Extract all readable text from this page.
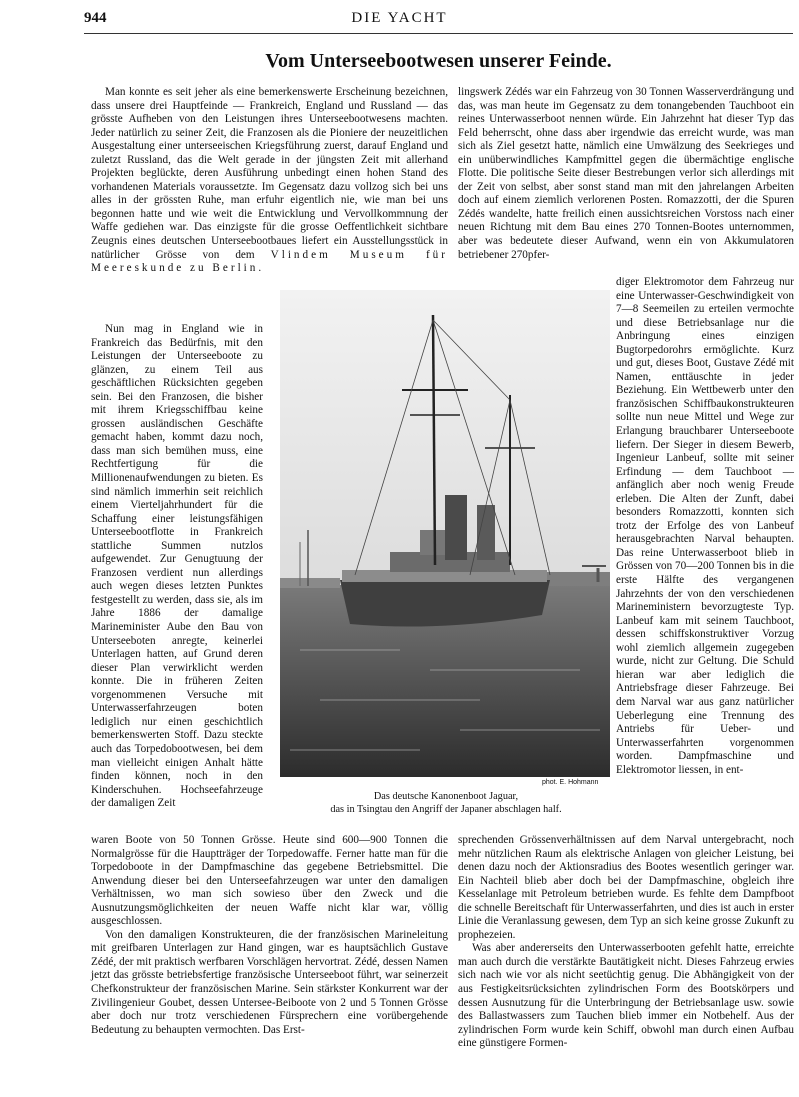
944	DIE YACHT
Vom Unterseebootwesen unserer Feinde.

Man konnte es seit jeher als eine bemerkenswerte Erscheinung bezeichnen, dass unsere drei Hauptfeinde — Frankreich, England und Russland — das grösste Aufheben von den Leistungen ihres Unterseebootwesens machten. Jeder natürlich zu seiner Zeit, die Franzosen als die Pioniere der neuzeitlichen Ausgestaltung einer unterseeischen Kriegsführung zuerst, darauf England und zuletzt Russland, das die Welt gerade in der jüngsten Zeit mit allerhand Projekten beglückte, deren Ausführung unbedingt einen hohen Stand des vorhandenen Materials voraussetzte. Im Gegensatz dazu vollzog sich bei uns alles in der grössten Ruhe, man erfuhr eigentlich nie, wie man bei uns begonnen hatte und wie weit die Entwicklung und Vervollkommnung der Waffe gediehen war. Das einzigste für die grosse Oeffentlichkeit sichtbare Zeugnis eines deutschen Unterseebootbaues liefert ein Ausstellungsstück in natürlicher Grösse von dem Vlindem Museum für Meereskunde zu Berlin.

Nun mag in England wie in Frankreich das Bedürfnis, mit den Leistungen der Unterseeboote zu glänzen, zu einem Teil aus geschäftlichen Rücksichten gegeben sein. Bei den Franzosen, die bisher mit ihrem Kriegsschiffbau keine grossen ausländischen Geschäfte gemacht haben, kommt dazu noch, dass man sich bemühen muss, eine Rechtfertigung für die Millionenaufwendungen zu bieten. Es sind nämlich immerhin seit reichlich einem Vierteljahrhundert für die Schaffung einer leistungsfähigen Unterseebootflotte in Frankreich stattliche Summen nutzlos aufgewendet. Zur Genugtuung der Franzosen verdient nun allerdings auch wegen dieses letzten Punktes festgestellt zu werden, dass sie, als im Jahre 1886 der damalige Marineminister Aube den Bau von Unterseeboten anregte, keinerlei Unterlagen hatten, auf Grund deren dieser Plan verwirklicht werden konnte. Die in früheren Zeiten vorgenommenen Versuche mit Unterwasserfahrzeugen boten lediglich nur einen geschichtlich bemerkenswerten Stoff. Dazu steckte auch das Torpedobootwesen, bei dem man vielleicht einigen Anhalt hätte finden können, noch in den Kinderschuhen. Hochseefahrzeuge der damaligen Zeit

waren Boote von 50 Tonnen Grösse. Heute sind 600—900 Tonnen die Normalgrösse für die Hauptträger der Torpedowaffe. Ferner hatte man für die Torpedoboote in der Dampfmaschine das gegebene Betriebsmittel. Die Anwendung dieser bei den Unterseefahrzeugen war unter den damaligen Verhältnissen, wo man sich sowieso über den Zweck und die Ausnutzungsmöglichkeiten der neuen Waffe nicht klar war, völlig ausgeschlossen.

Von den damaligen Konstrukteuren, die der französischen Marineleitung mit greifbaren Unterlagen zur Hand gingen, war es hauptsächlich Gustave Zédé, der mit praktisch werfbaren Vorschlägen hervortrat. Zédé, dessen Namen jetzt das grösste betriebsfertige französische Unterseeboot führt, war seinerzeit Chefkonstrukteur der französischen Marine. Sein stärkster Konkurrent war der Zivilingenieur Goubet, dessen Untersee-Beiboote von 2 und 5 Tonnen Grösse aber doch nur trotz verschiedenen Fürsprechern eine vorübergehende Bedeutung zu behaupten vermochten. Das Erst-

lingswerk Zédés war ein Fahrzeug von 30 Tonnen Wasserverdrängung und das, was man heute im Gegensatz zu dem tonangebenden Tauchboot ein reines Unterwasserboot nennen würde. Ein Jahrzehnt hat dieser Typ das Feld beherrscht, ohne dass aber irgendwie das erreicht wurde, was man sich als Ziel gesetzt hatte, nämlich eine Umwälzung des Seekrieges und ein unüberwindliches Kampfmittel gegen die übermächtige englische Flotte. Die politische Seite dieser Bestrebungen verlor sich allerdings mit der Zeit von selbst, aber sonst stand man mit den jahrelangen Arbeiten doch auf einem ziemlich verlorenen Posten. Romazzotti, der die Spuren Zédés wandelte, hatte freilich einen aussichtsreichen Vorstoss nach einer neuen Richtung mit dem Bau eines 270 Tonnen-Bootes unternommen, aber was bedeutete dieser Aufwand, wenn ein von Akkumulatoren betriebener 270pfer-

diger Elektromotor dem Fahrzeug nur eine Unterwasser-Geschwindigkeit von 7—8 Seemeilen zu erteilen vermochte und diese Betriebsanlage nur die Anbringung eines einzigen Bugtorpedorohrs ermöglichte. Kurz und gut, dieses Boot, Gustave Zédé mit Namen, enttäuschte in jeder Beziehung. Ein Wettbewerb unter den französischen Schiffbaukonstrukteuren sollte nun neue Mittel und Wege zur Erlangung brauchbarer Unterseeboote liefern. Der Sieger in diesem Bewerb, Ingenieur Lanbeuf, sollte mit seiner Erfindung — dem Tauchboot — anfänglich aber noch wenig Freude erleben. Die Alten der Zunft, dabei besonders Romazzotti, konnten sich trotz der Erfolge des von Lanbeuf herausgebrachten Narval behaupten. Das reine Unterwasserboot blieb in Grössen von 70—200 Tonnen bis in die erste Hälfte des vergangenen Jahrzehnts der von den verschiedenen Marineministern bevorzugteste Typ. Lanbeuf kam mit seinem Tauchboot, dessen schiffskonstruktiver Vorzug wohl ziemlich allgemein zugegeben wurde, nicht zur Geltung. Die Schuld hieran war aber lediglich die Antriebsfrage dieser Fahrzeuge. Bei dem Narval war aus ganz natürlicher Ueberlegung eine Trennung des Antriebs für Ueber- und Unterwasserfahrten vorgenommen worden. Dampfmaschine und Elektromotor liessen, in ent-

sprechenden Grössenverhältnissen auf dem Narval untergebracht, noch mehr nützlichen Raum als elektrische Anlagen von gleicher Leistung, bei denen dazu noch der Aktionsradius des Bootes wesentlich geringer war. Ein Nachteil blieb aber doch bei der Dampfmaschine, obgleich ihre Kesselanlage mit Petroleum betrieben wurde. Es fehlte dem Dampfboot die schnelle Bereitschaft für Unterwasserfahrten, und dies ist auch in erster Linie die Veranlassung gewesen, dem Typ an sich keine grosse Zukunft zu prophezeien.

Was aber andererseits den Unterwasserbooten gefehlt hatte, erreichte man auch durch die verstärkte Bautätigkeit nicht. Dieses Fahrzeug erwies sich nach wie vor als nicht seetüchtig genug. Die Abhängigkeit von der aus Festigkeitsrücksichten zylindrischen Form des Bootskörpers und dessen Ausnutzung für die Unterbringung der Betriebsanlage usw. sowie des Ballastwassers zum Tauchen blieb immer ein Notbehelf. Aus der zylindrischen Form wurde kein Schiff, obwohl man durch einen Aufbau eine günstigere Formen-

phot. E. Hohmann
Das deutsche Kanonenboot Jaguar,
das in Tsingtau den Angriff der Japaner abschlagen half.
